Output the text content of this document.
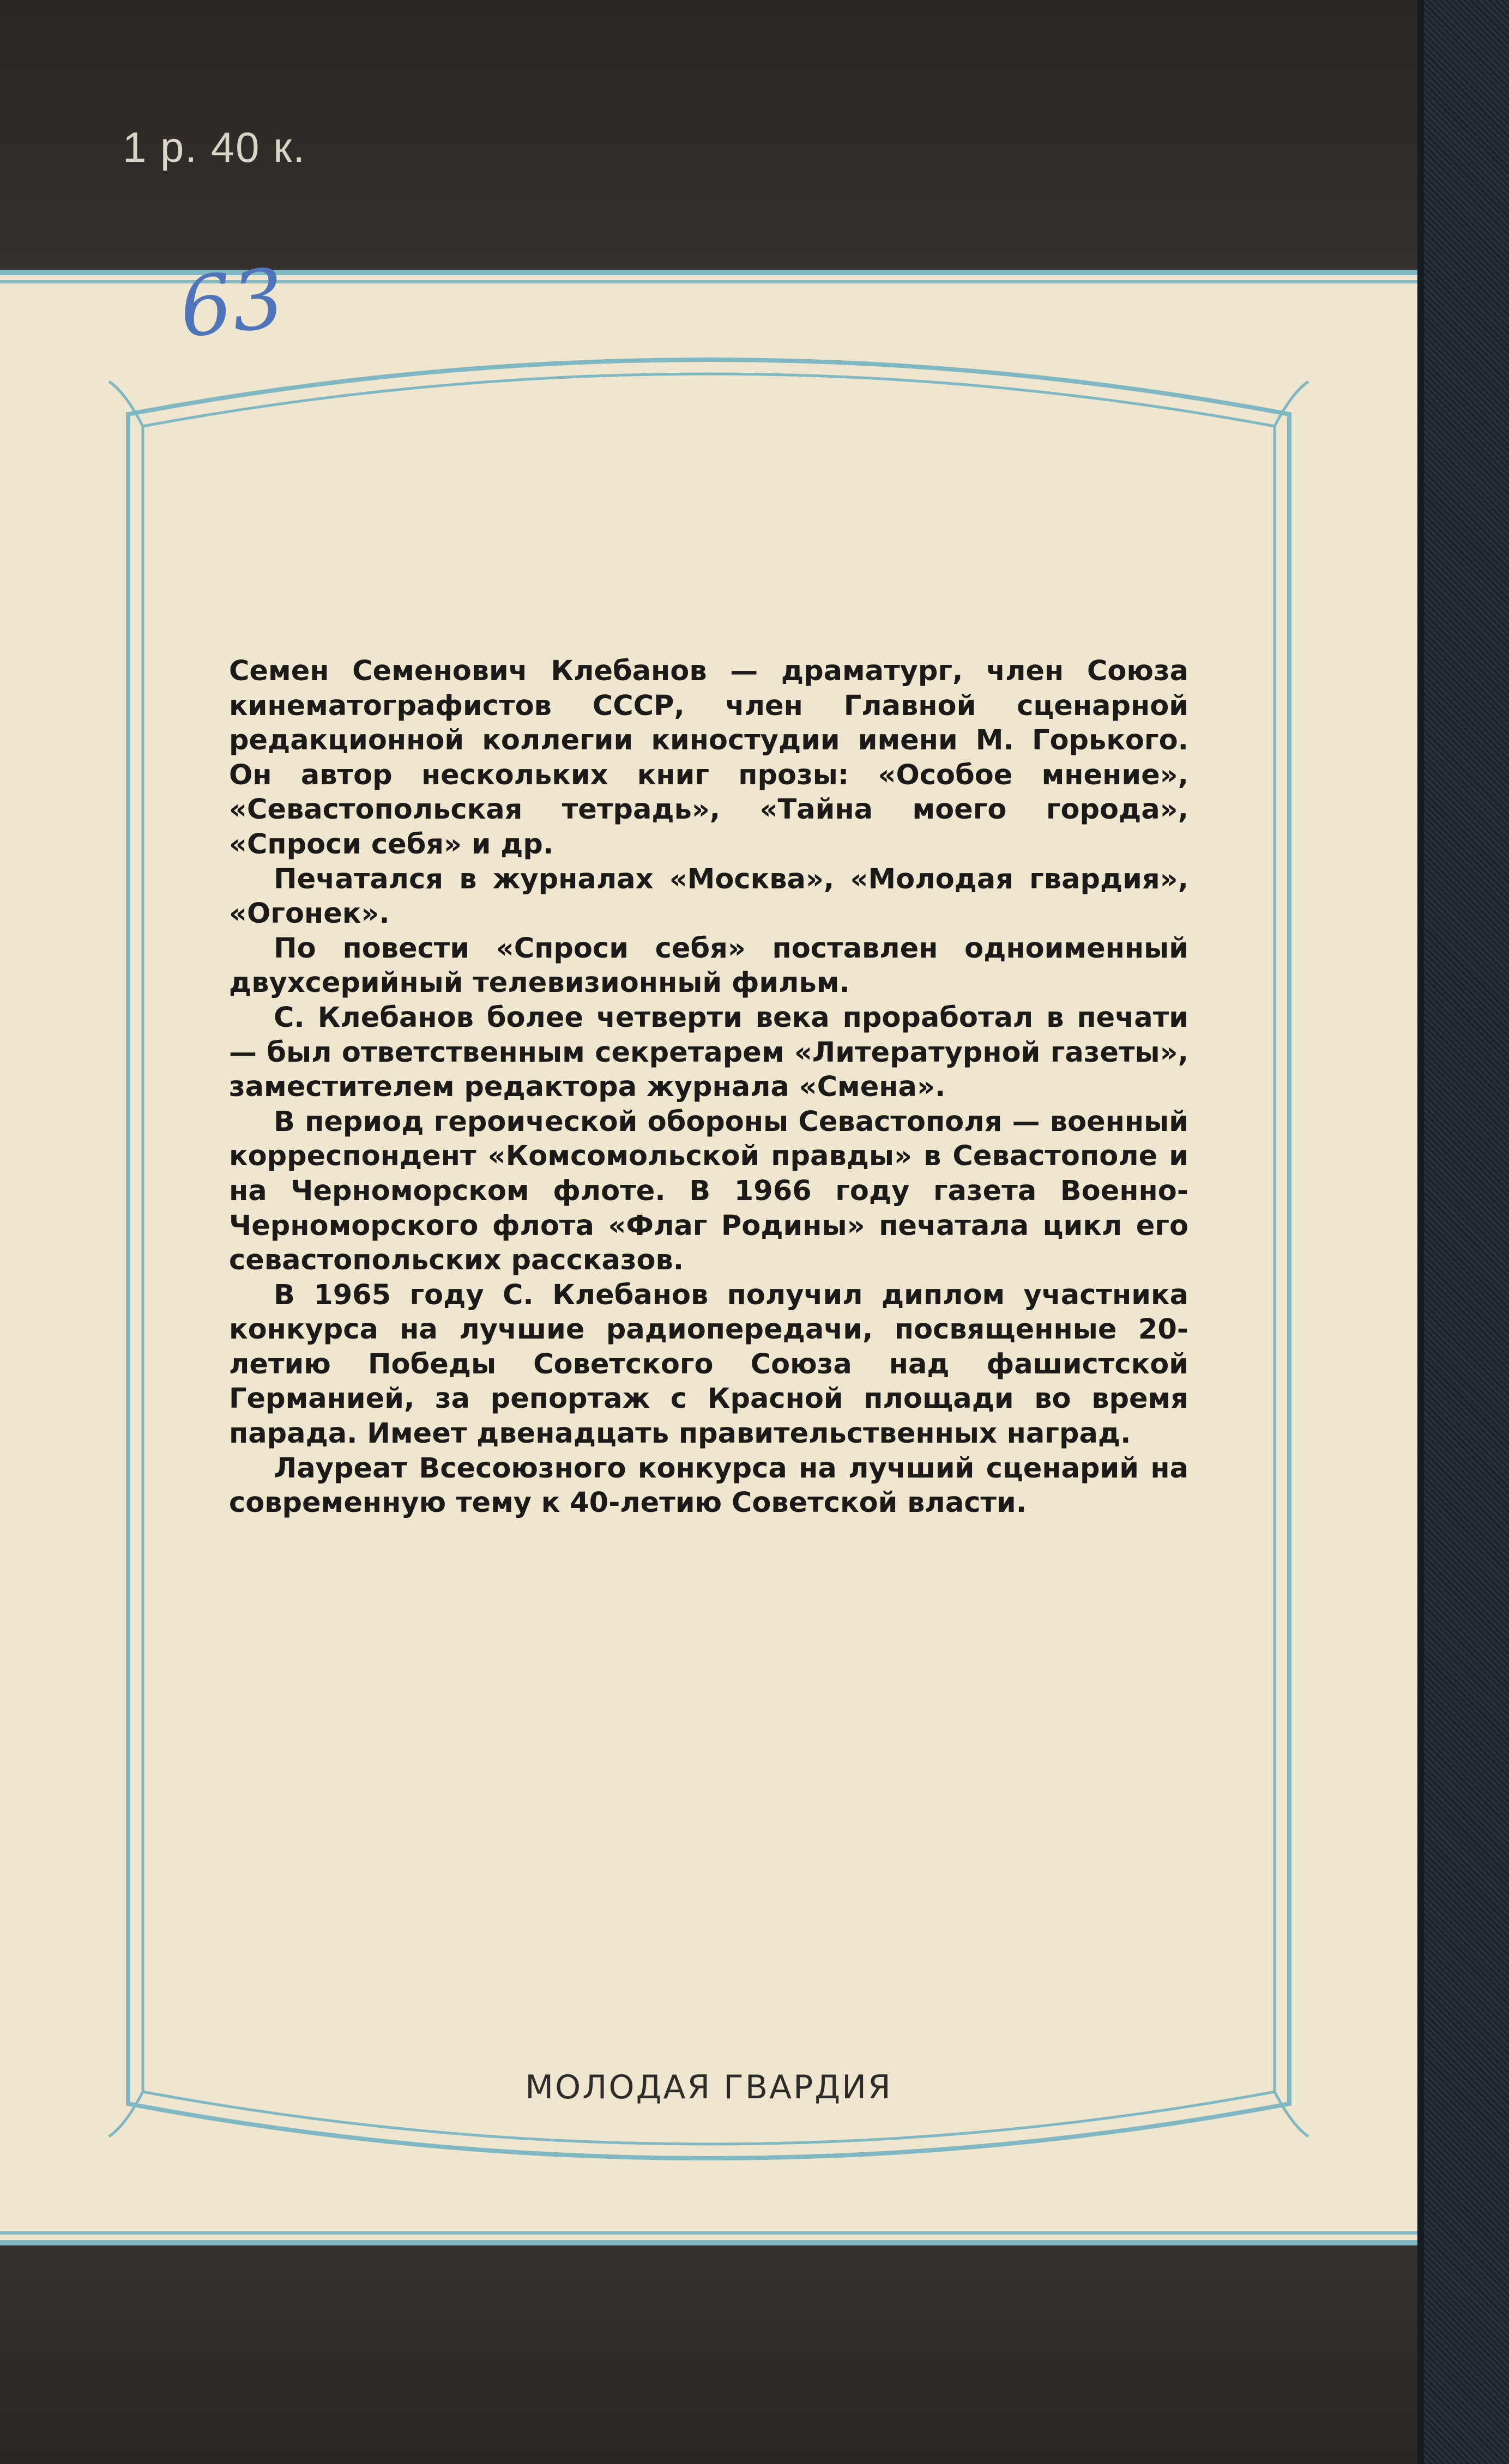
1 р. 40 к.
63

Семен Семенович Клебанов — драматург, член Союза кинематографистов СССР, член Главной сценарной редакционной коллегии киностудии имени М. Горького. Он автор нескольких книг прозы: «Особое мнение», «Севастопольская тетрадь», «Тайна моего города», «Спроси себя» и др.

Печатался в журналах «Москва», «Молодая гвардия», «Огонек».

По повести «Спроси себя» поставлен одноименный двухсерийный телевизионный фильм.

С. Клебанов более четверти века проработал в печати — был ответственным секретарем «Литературной газеты», заместителем редактора журнала «Смена».

В период героической обороны Севастополя — военный корреспондент «Комсомольской правды» в Севастополе и на Черноморском флоте. В 1966 году газета Военно-Черноморского флота «Флаг Родины» печатала цикл его севастопольских рассказов.

В 1965 году С. Клебанов получил диплом участника конкурса на лучшие радиопередачи, посвященные 20-летию Победы Советского Союза над фашистской Германией, за репортаж с Красной площади во время парада. Имеет двенадцать правительственных наград.

Лауреат Всесоюзного конкурса на лучший сценарий на современную тему к 40-летию Советской власти.

МОЛОДАЯ ГВАРДИЯ
